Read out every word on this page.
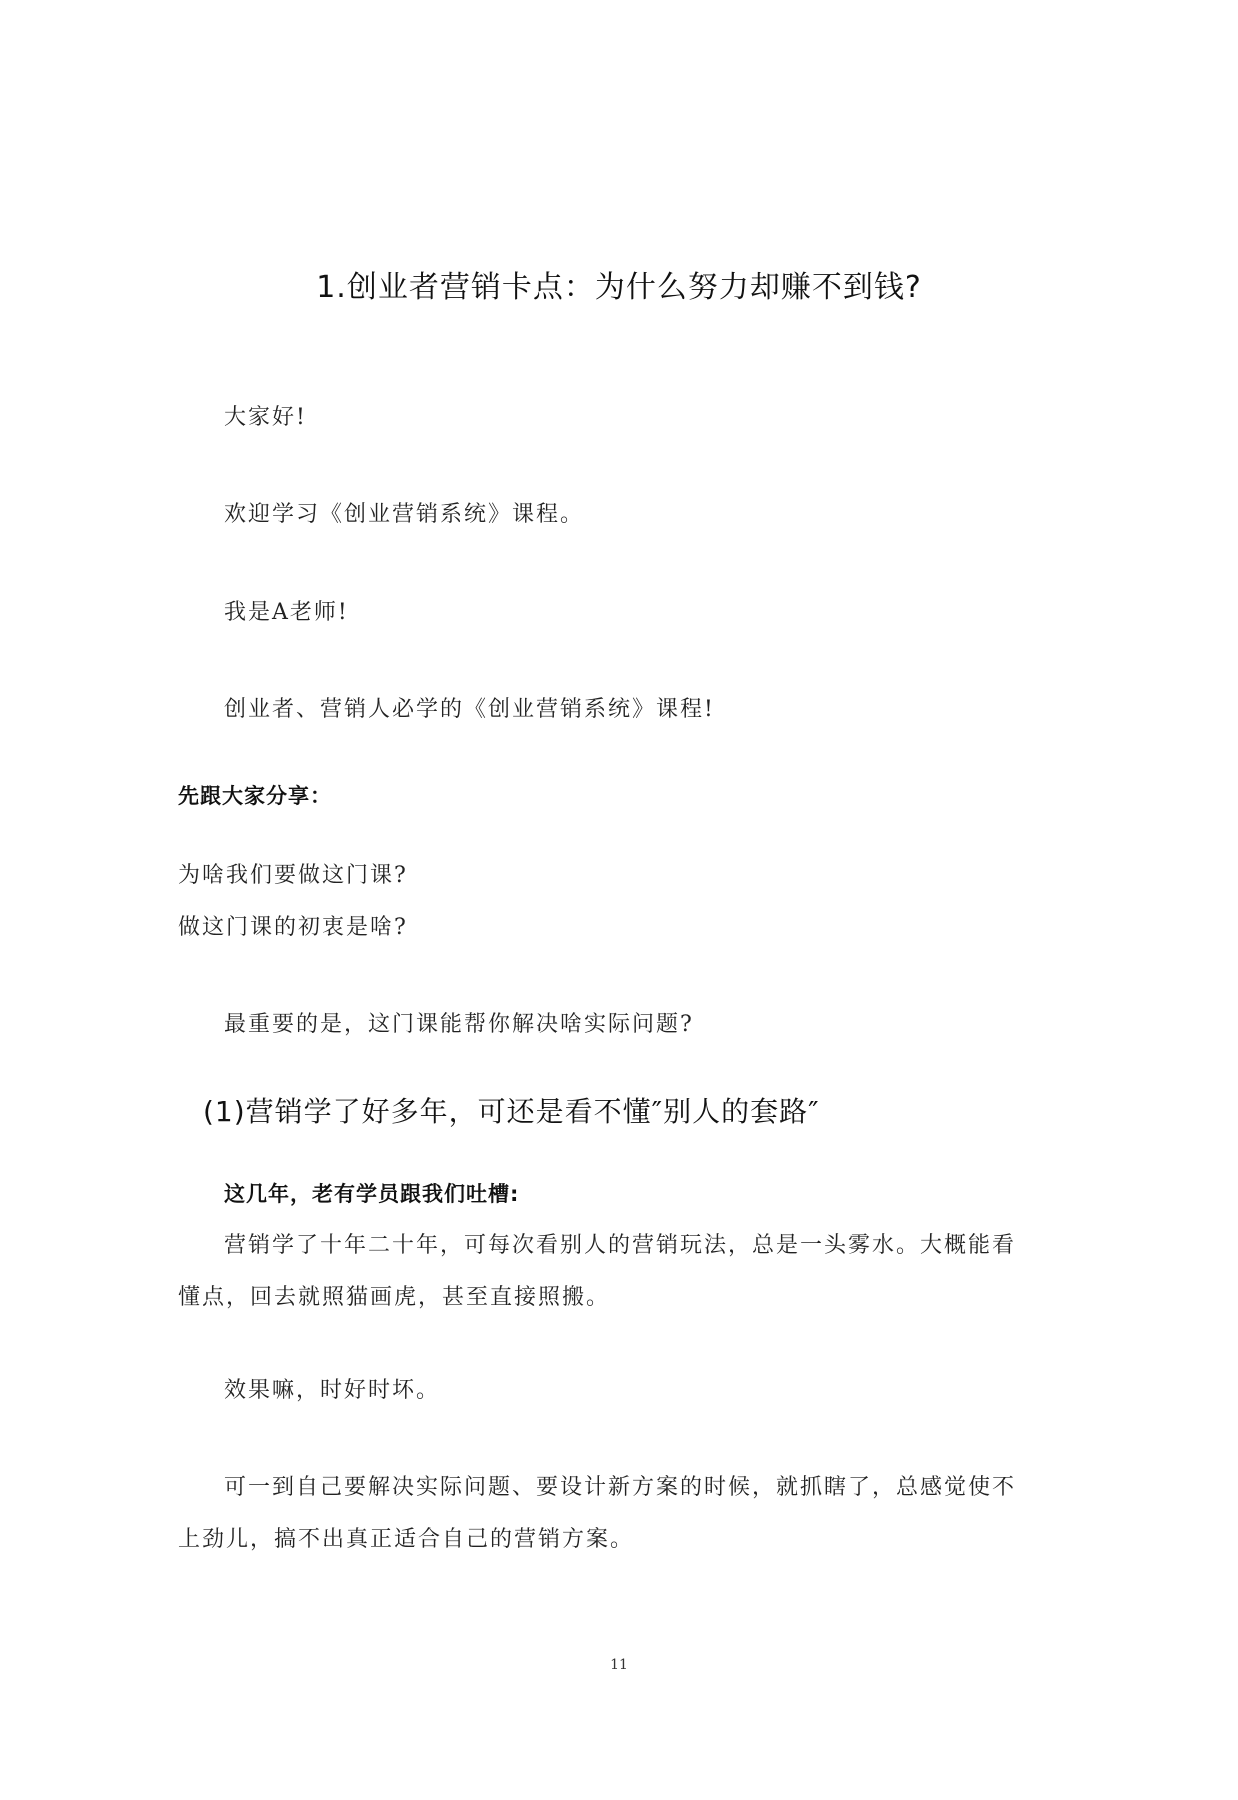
1.创业者营销卡点：为什么努力却赚不到钱?
大家好!
欢迎学习《创业营销系统》课程。
我是A老师!
创业者、营销人必学的《创业营销系统》课程!
先跟大家分享：
为啥我们要做这门课?
做这门课的初衷是啥?
最重要的是，这门课能帮你解决啥实际问题?
(1)营销学了好多年，可还是看不懂″别人的套路″
这几年，老有学员跟我们吐槽:
营销学了十年二十年，可每次看别人的营销玩法，总是一头雾水。大概能看
懂点，回去就照猫画虎，甚至直接照搬。
效果嘛，时好时坏。
可一到自己要解决实际问题、要设计新方案的时候，就抓瞎了，总感觉使不
上劲儿，搞不出真正适合自己的营销方案。
11
